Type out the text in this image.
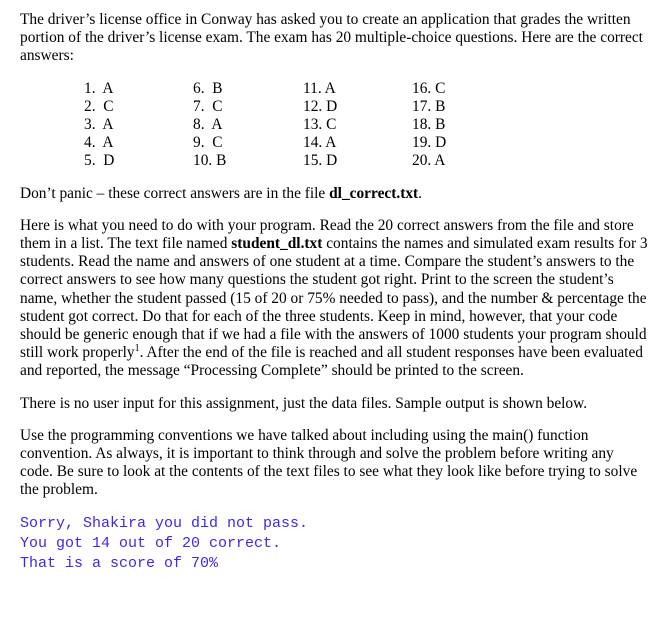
The driver’s license office in Conway has asked you to create an application that grades the written portion of the driver’s license exam. The exam has 20 multiple-choice questions. Here are the correct answers:

1.  A	6.  B	11. A	16. C
2.  C	7.  C	12. D	17. B
3.  A	8.  A	13. C	18. B
4.  A	9.  C	14. A	19. D
5.  D	10. B	15. D	20. A

Don’t panic – these correct answers are in the file dl_correct.txt.

Here is what you need to do with your program. Read the 20 correct answers from the file and store them in a list. The text file named student_dl.txt contains the names and simulated exam results for 3 students. Read the name and answers of one student at a time. Compare the student’s answers to the correct answers to see how many questions the student got right. Print to the screen the student’s name, whether the student passed (15 of 20 or 75% needed to pass), and the number & percentage the student got correct. Do that for each of the three students. Keep in mind, however, that your code should be generic enough that if we had a file with the answers of 1000 students your program should still work properly$^1$. After the end of the file is reached and all student responses have been evaluated and reported, the message “Processing Complete” should be printed to the screen.

There is no user input for this assignment, just the data files. Sample output is shown below.

Use the programming conventions we have talked about including using the main() function convention. As always, it is important to think through and solve the problem before writing any code. Be sure to look at the contents of the text files to see what they look like before trying to solve the problem.

Sorry, Shakira you did not pass.
You got 14 out of 20 correct.
That is a score of 70%
